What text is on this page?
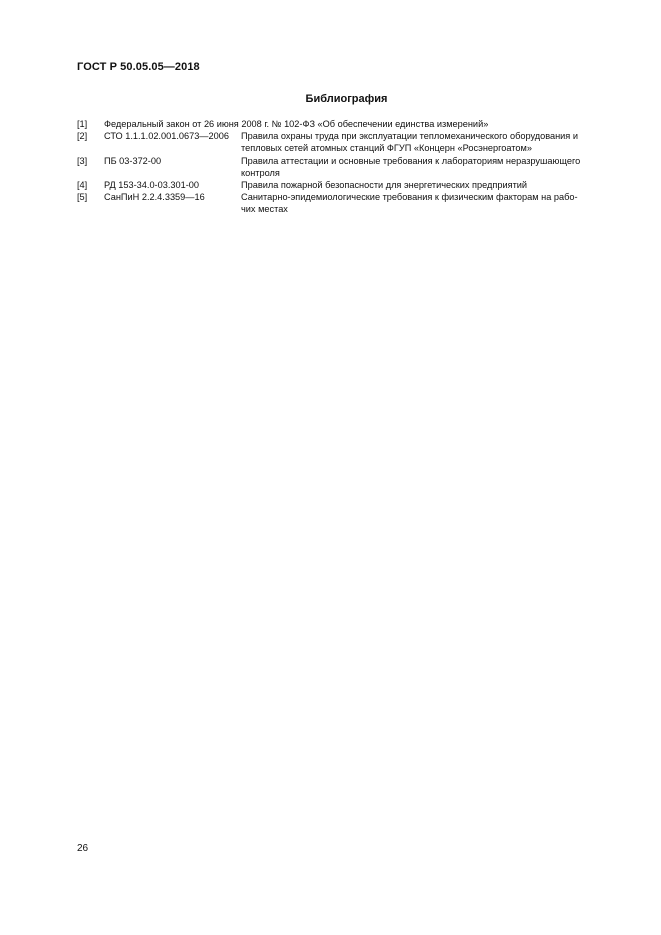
ГОСТ Р 50.05.05—2018
Библиография
[1]	Федеральный закон от 26 июня 2008 г. № 102-ФЗ «Об обеспечении единства измерений»
[2]	СТО 1.1.1.02.001.0673—2006	Правила охраны труда при эксплуатации тепломеханического оборудования и
тепловых сетей атомных станций ФГУП «Концерн «Росэнергоатом»
[3]	ПБ 03-372-00	Правила аттестации и основные требования к лабораториям неразрушающего
контроля
[4]	РД 153-34.0-03.301-00	Правила пожарной безопасности для энергетических предприятий
[5]	СанПиН 2.2.4.3359—16	Санитарно-эпидемиологические требования к физическим факторам на рабо-
чих местах
26
